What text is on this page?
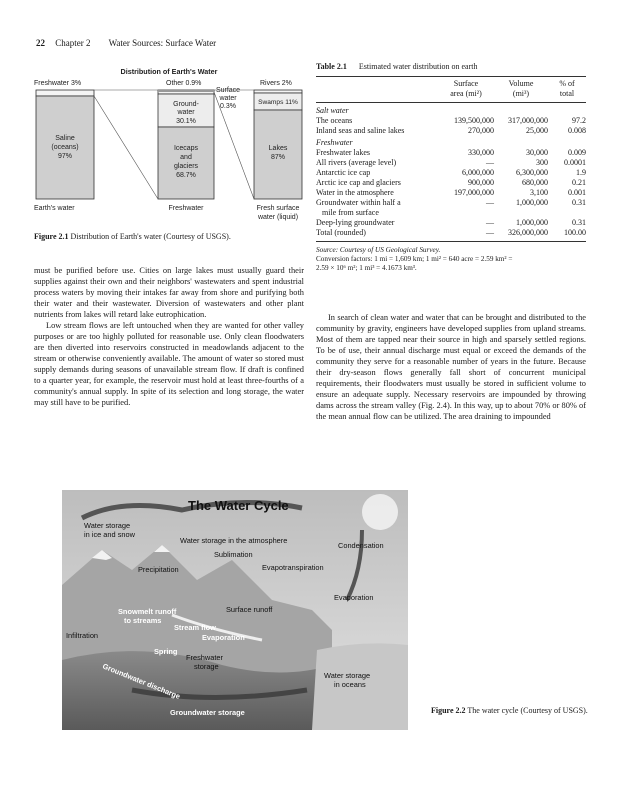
22 Chapter 2 Water Sources: Surface Water
Distribution of Earth's Water
Freshwater 3%	Other 0.9%	Rivers 2%
Saline
(oceans)
97%
Ground-
water
30.1%
Icecaps
and
glaciers
68.7%
Surface
water
0.3%
Swamps 11%
Lakes
87%
Earth's water	Freshwater	Fresh surface
water (liquid)
Figure 2.1 Distribution of Earth's water (Courtesy of USGS).
Table 2.1 Estimated water distribution on earth
Surface	Volume	% of
area (mi²)	(mi³)	total
Salt water
The oceans	139,500,000	317,000,000	97.2
Inland seas and saline lakes	270,000	25,000	0.008
Freshwater
Freshwater lakes	330,000	30,000	0.009
All rivers (average level)	—	300	0.0001
Antarctic ice cap	6,000,000	6,300,000	1.9
Arctic ice cap and glaciers	900,000	680,000	0.21
Water in the atmosphere	197,000,000	3,100	0.001
Groundwater within half a	—	1,000,000	0.31
mile from surface
Deep-lying groundwater	—	1,000,000	0.31
Total (rounded)	—	326,000,000	100.00
Source: Courtesy of US Geological Survey.
Conversion factors: 1 mi = 1,609 km; 1 mi² = 640 acre = 2.59 km² =
2.59 × 10⁶ m²; 1 mi³ = 4.1673 km³.

must be purified before use. Cities on large lakes must usually guard their supplies against their own and their neighbors' wastewaters and spent industrial process waters by moving their intakes far away from shore and purifying both their water and their wastewater. Diversion of wastewaters and other plant nutrients from lakes will retard lake eutrophication.

Low stream flows are left untouched when they are wanted for other valley purposes or are too highly polluted for reasonable use. Only clean floodwaters are then diverted into reservoirs constructed in meadowlands adjacent to the stream or otherwise conveniently available. The amount of water so stored must supply demands during seasons of unavailable stream flow. If draft is confined to a quarter year, for example, the reservoir must hold at least three-fourths of a community's annual supply. In spite of its selection and long storage, the water may still have to be purified.

In search of clean water and water that can be brought and distributed to the community by gravity, engineers have developed supplies from upland streams. Most of them are tapped near their source in high and sparsely settled regions. To be of use, their annual discharge must equal or exceed the demands of the community they serve for a reasonable number of years in the future. Because their dry-season flows generally fall short of concurrent municipal requirements, their floodwaters must usually be stored in sufficient volume to ensure an adequate supply. Necessary reservoirs are impounded by throwing dams across the stream valley (Fig. 2.4). In this way, up to about 70% or 80% of the mean annual flow can be utilized. The area draining to impounded

The Water Cycle
Water storage
in ice and snow
Water storage in the atmosphere
Condensation
Sublimation
Precipitation	Evapotranspiration
Evaporation
Snowmelt runoff
to streams
Surface runoff
Stream flow
Infiltration	Evaporation
Spring
Freshwater
storage
Water storage
in oceans
Groundwater discharge
Groundwater storage	Figure 2.2 The water cycle (Courtesy of USGS).
